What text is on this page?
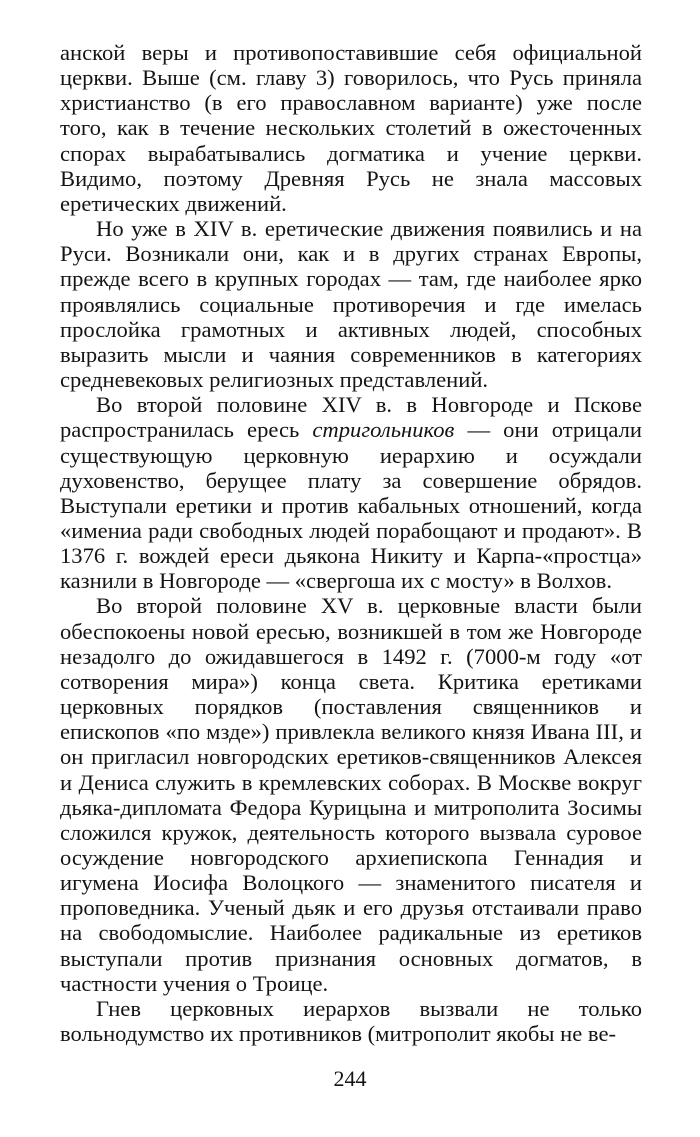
анской веры и противопоставившие себя официальной церкви. Выше (см. главу 3) говорилось, что Русь приняла христианство (в его православном варианте) уже после того, как в течение нескольких столетий в ожесточенных спорах вырабатывались догматика и учение церкви. Видимо, поэтому Древняя Русь не знала массовых еретических движений.

Но уже в XIV в. еретические движения появились и на Руси. Возникали они, как и в других странах Европы, прежде всего в крупных городах — там, где наиболее ярко проявлялись социальные противоречия и где имелась прослойка грамотных и активных людей, способных выразить мысли и чаяния современников в категориях средневековых религиозных представлений.

Во второй половине XIV в. в Новгороде и Пскове распространилась ересь стригольников — они отрицали существующую церковную иерархию и осуждали духовенство, берущее плату за совершение обрядов. Выступали еретики и против кабальных отношений, когда «имениа ради свободных людей порабощают и продают». В 1376 г. вождей ереси дьякона Никиту и Карпа-«простца» казнили в Новгороде — «свергоша их с мосту» в Волхов.

Во второй половине XV в. церковные власти были обеспокоены новой ересью, возникшей в том же Новгороде незадолго до ожидавшегося в 1492 г. (7000-м году «от сотворения мира») конца света. Критика еретиками церковных порядков (поставления священников и епископов «по мзде») привлекла великого князя Ивана III, и он пригласил новгородских еретиков-священников Алексея и Дениса служить в кремлевских соборах. В Москве вокруг дьяка-дипломата Федора Курицына и митрополита Зосимы сложился кружок, деятельность которого вызвала суровое осуждение новгородского архиепископа Геннадия и игумена Иосифа Волоцкого — знаменитого писателя и проповедника. Ученый дьяк и его друзья отстаивали право на свободомыслие. Наиболее радикальные из еретиков выступали против признания основных догматов, в частности учения о Троице.

Гнев церковных иерархов вызвали не только вольнодумство их противников (митрополит якобы не ве-

244
